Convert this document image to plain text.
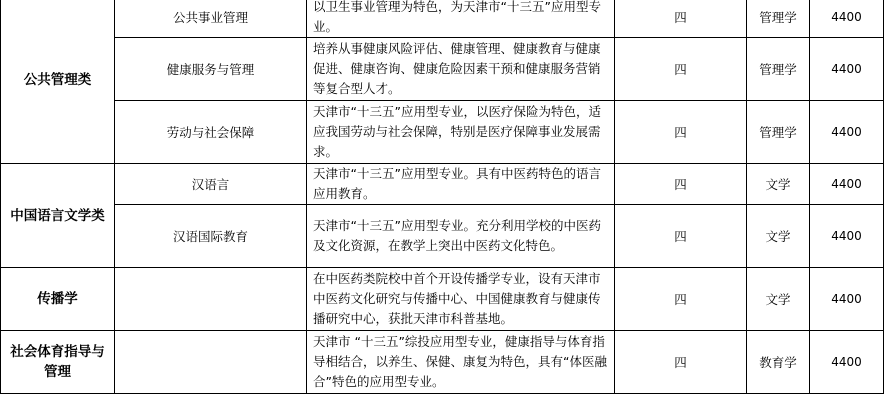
公共管理类	公共事业管理	以卫生事业管理为特色，为天津市“十三五”应用型专业。	四	管理学	4400
	健康服务与管理	培养从事健康风险评估、健康管理、健康教育与健康促进、健康咨询、健康危险因素干预和健康服务营销等复合型人才。	四	管理学	4400
	劳动与社会保障	天津市“十三五”应用型专业，以医疗保险为特色，适应我国劳动与社会保障，特别是医疗保障事业发展需求。	四	管理学	4400
中国语言文学类	汉语言	天津市“十三五”应用型专业。具有中医药特色的语言应用教育。	四	文学	4400
	汉语国际教育	天津市“十三五”应用型专业。充分利用学校的中医药及文化资源，在教学上突出中医药文化特色。	四	文学	4400
传播学		在中医药类院校中首个开设传播学专业，设有天津市中医药文化研究与传播中心、中国健康教育与健康传播研究中心，获批天津市科普基地。	四	文学	4400
社会体育指导与管理		天津市 “十三五”综投应用型专业，健康指导与体育指导相结合，以养生、保健、康复为特色，具有“体医融合”特色的应用型专业。	四	教育学	4400
